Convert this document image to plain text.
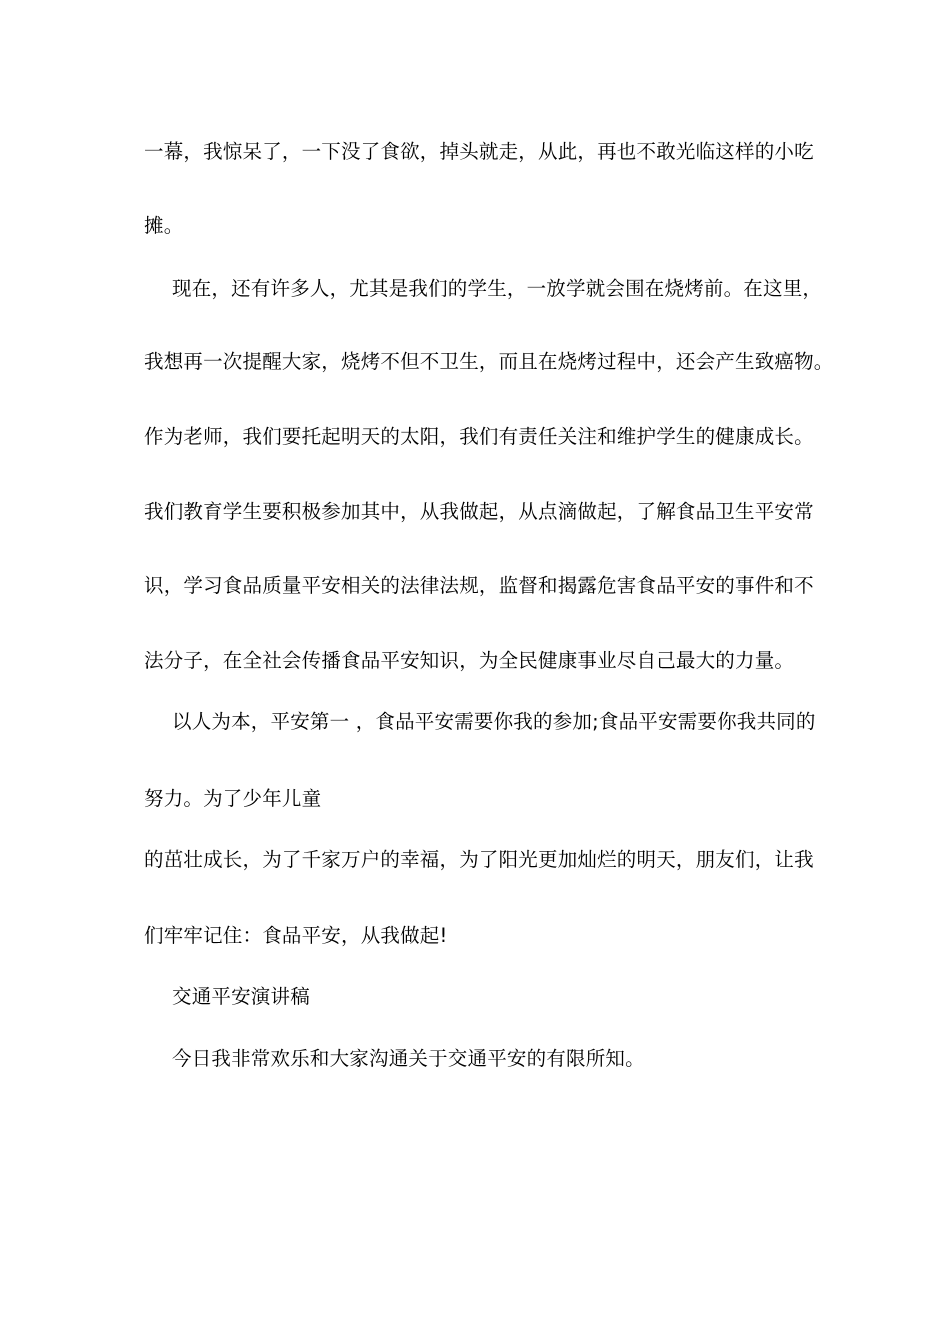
一幕，我惊呆了，一下没了食欲，掉头就走，从此，再也不敢光临这样的小吃
摊。
现在，还有许多人，尤其是我们的学生，一放学就会围在烧烤前。在这里，
我想再一次提醒大家，烧烤不但不卫生，而且在烧烤过程中，还会产生致癌物。
作为老师，我们要托起明天的太阳，我们有责任关注和维护学生的健康成长。
我们教育学生要积极参加其中，从我做起，从点滴做起，了解食品卫生平安常
识，学习食品质量平安相关的法律法规，监督和揭露危害食品平安的事件和不
法分子，在全社会传播食品平安知识，为全民健康事业尽自己最大的力量。
以人为本，平安第一 ，食品平安需要你我的参加;食品平安需要你我共同的
努力。为了少年儿童
的茁壮成长，为了千家万户的幸福，为了阳光更加灿烂的明天，朋友们，让我
们牢牢记住：食品平安，从我做起!
交通平安演讲稿
今日我非常欢乐和大家沟通关于交通平安的有限所知。
